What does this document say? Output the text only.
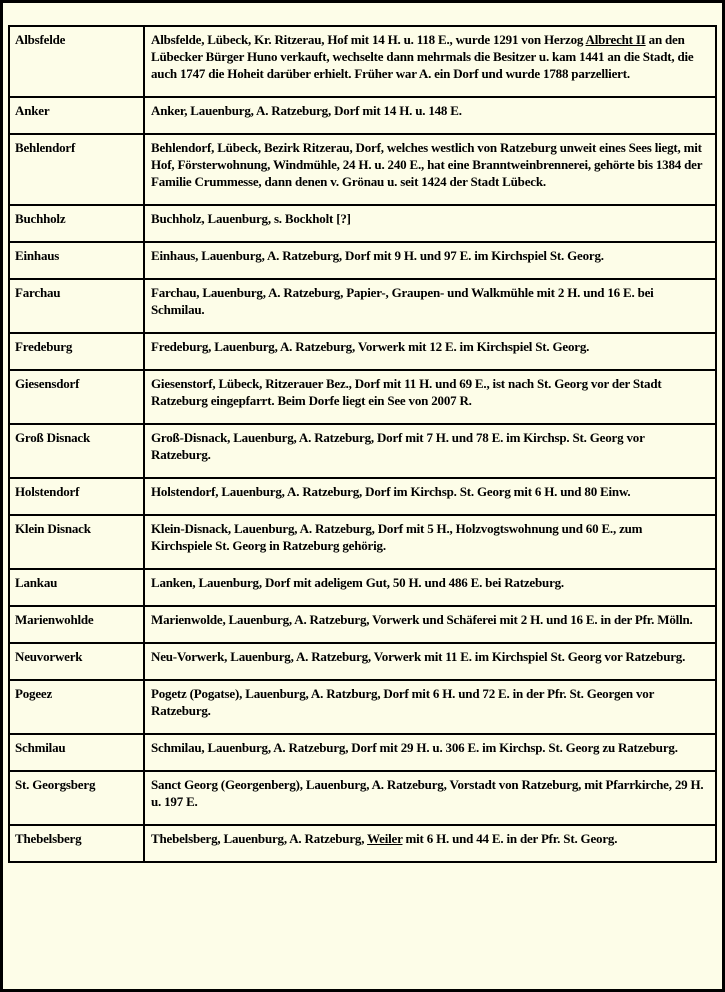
Albsfelde	Albsfelde, Lübeck, Kr. Ritzerau, Hof mit 14 H. u. 118 E., wurde 1291 von Herzog Albrecht II an den Lübecker Bürger Huno verkauft, wechselte dann mehrmals die Besitzer u. kam 1441 an die Stadt, die auch 1747 die Hoheit darüber erhielt. Früher war A. ein Dorf und wurde 1788 parzelliert.
Anker	Anker, Lauenburg, A. Ratzeburg, Dorf mit 14 H. u. 148 E.
Behlendorf	Behlendorf, Lübeck, Bezirk Ritzerau, Dorf, welches westlich von Ratzeburg unweit eines Sees liegt, mit Hof, Försterwohnung, Windmühle, 24 H. u. 240 E., hat eine Branntweinbrennerei, gehörte bis 1384 der Familie Crummesse, dann denen v. Grönau u. seit 1424 der Stadt Lübeck.
Buchholz	Buchholz, Lauenburg, s. Bockholt [?]
Einhaus	Einhaus, Lauenburg, A. Ratzeburg, Dorf mit 9 H. und 97 E. im Kirchspiel St. Georg.
Farchau	Farchau, Lauenburg, A. Ratzeburg, Papier-, Graupen- und Walkmühle mit 2 H. und 16 E. bei Schmilau.
Fredeburg	Fredeburg, Lauenburg, A. Ratzeburg, Vorwerk mit 12 E. im Kirchspiel St. Georg.
Giesensdorf	Giesenstorf, Lübeck, Ritzerauer Bez., Dorf mit 11 H. und 69 E., ist nach St. Georg vor der Stadt Ratzeburg eingepfarrt. Beim Dorfe liegt ein See von 2007 R.
Groß Disnack	Groß-Disnack, Lauenburg, A. Ratzeburg, Dorf mit 7 H. und 78 E. im Kirchsp. St. Georg vor Ratzeburg.
Holstendorf	Holstendorf, Lauenburg, A. Ratzeburg, Dorf im Kirchsp. St. Georg mit 6 H. und 80 Einw.
Klein Disnack	Klein-Disnack, Lauenburg, A. Ratzeburg, Dorf mit 5 H., Holzvogtswohnung und 60 E., zum Kirchspiele St. Georg in Ratzeburg gehörig.
Lankau	Lanken, Lauenburg, Dorf mit adeligem Gut, 50 H. und 486 E. bei Ratzeburg.
Marienwohlde	Marienwolde, Lauenburg, A. Ratzeburg, Vorwerk und Schäferei mit 2 H. und 16 E. in der Pfr. Mölln.
Neuvorwerk	Neu-Vorwerk, Lauenburg, A. Ratzeburg, Vorwerk mit 11 E. im Kirchspiel St. Georg vor Ratzeburg.
Pogeez	Pogetz (Pogatse), Lauenburg, A. Ratzburg, Dorf mit 6 H. und 72 E. in der Pfr. St. Georgen vor Ratzeburg.
Schmilau	Schmilau, Lauenburg, A. Ratzeburg, Dorf mit 29 H. u. 306 E. im Kirchsp. St. Georg zu Ratzeburg.
St. Georgsberg	Sanct Georg (Georgenberg), Lauenburg, A. Ratzeburg, Vorstadt von Ratzeburg, mit Pfarrkirche, 29 H. u. 197 E.
Thebelsberg	Thebelsberg, Lauenburg, A. Ratzeburg, Weiler mit 6 H. und 44 E. in der Pfr. St. Georg.
